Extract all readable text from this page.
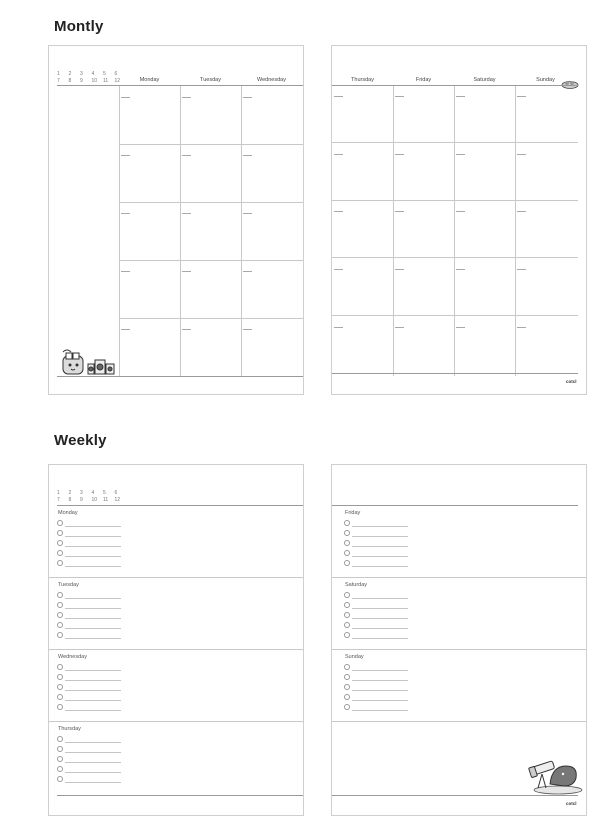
Montly
1 2 3 4 5 6
7 8 9 10 11 12	Monday	Tuesday	Wednesday	Thursday	Friday	Saturday	Sunday
cotcl
Weekly
1 2 3 4 5 6
7 8 9 10 11 12
Monday
Tuesday
Wednesday
Thursday
Friday
Saturday
Sunday
cotcl
